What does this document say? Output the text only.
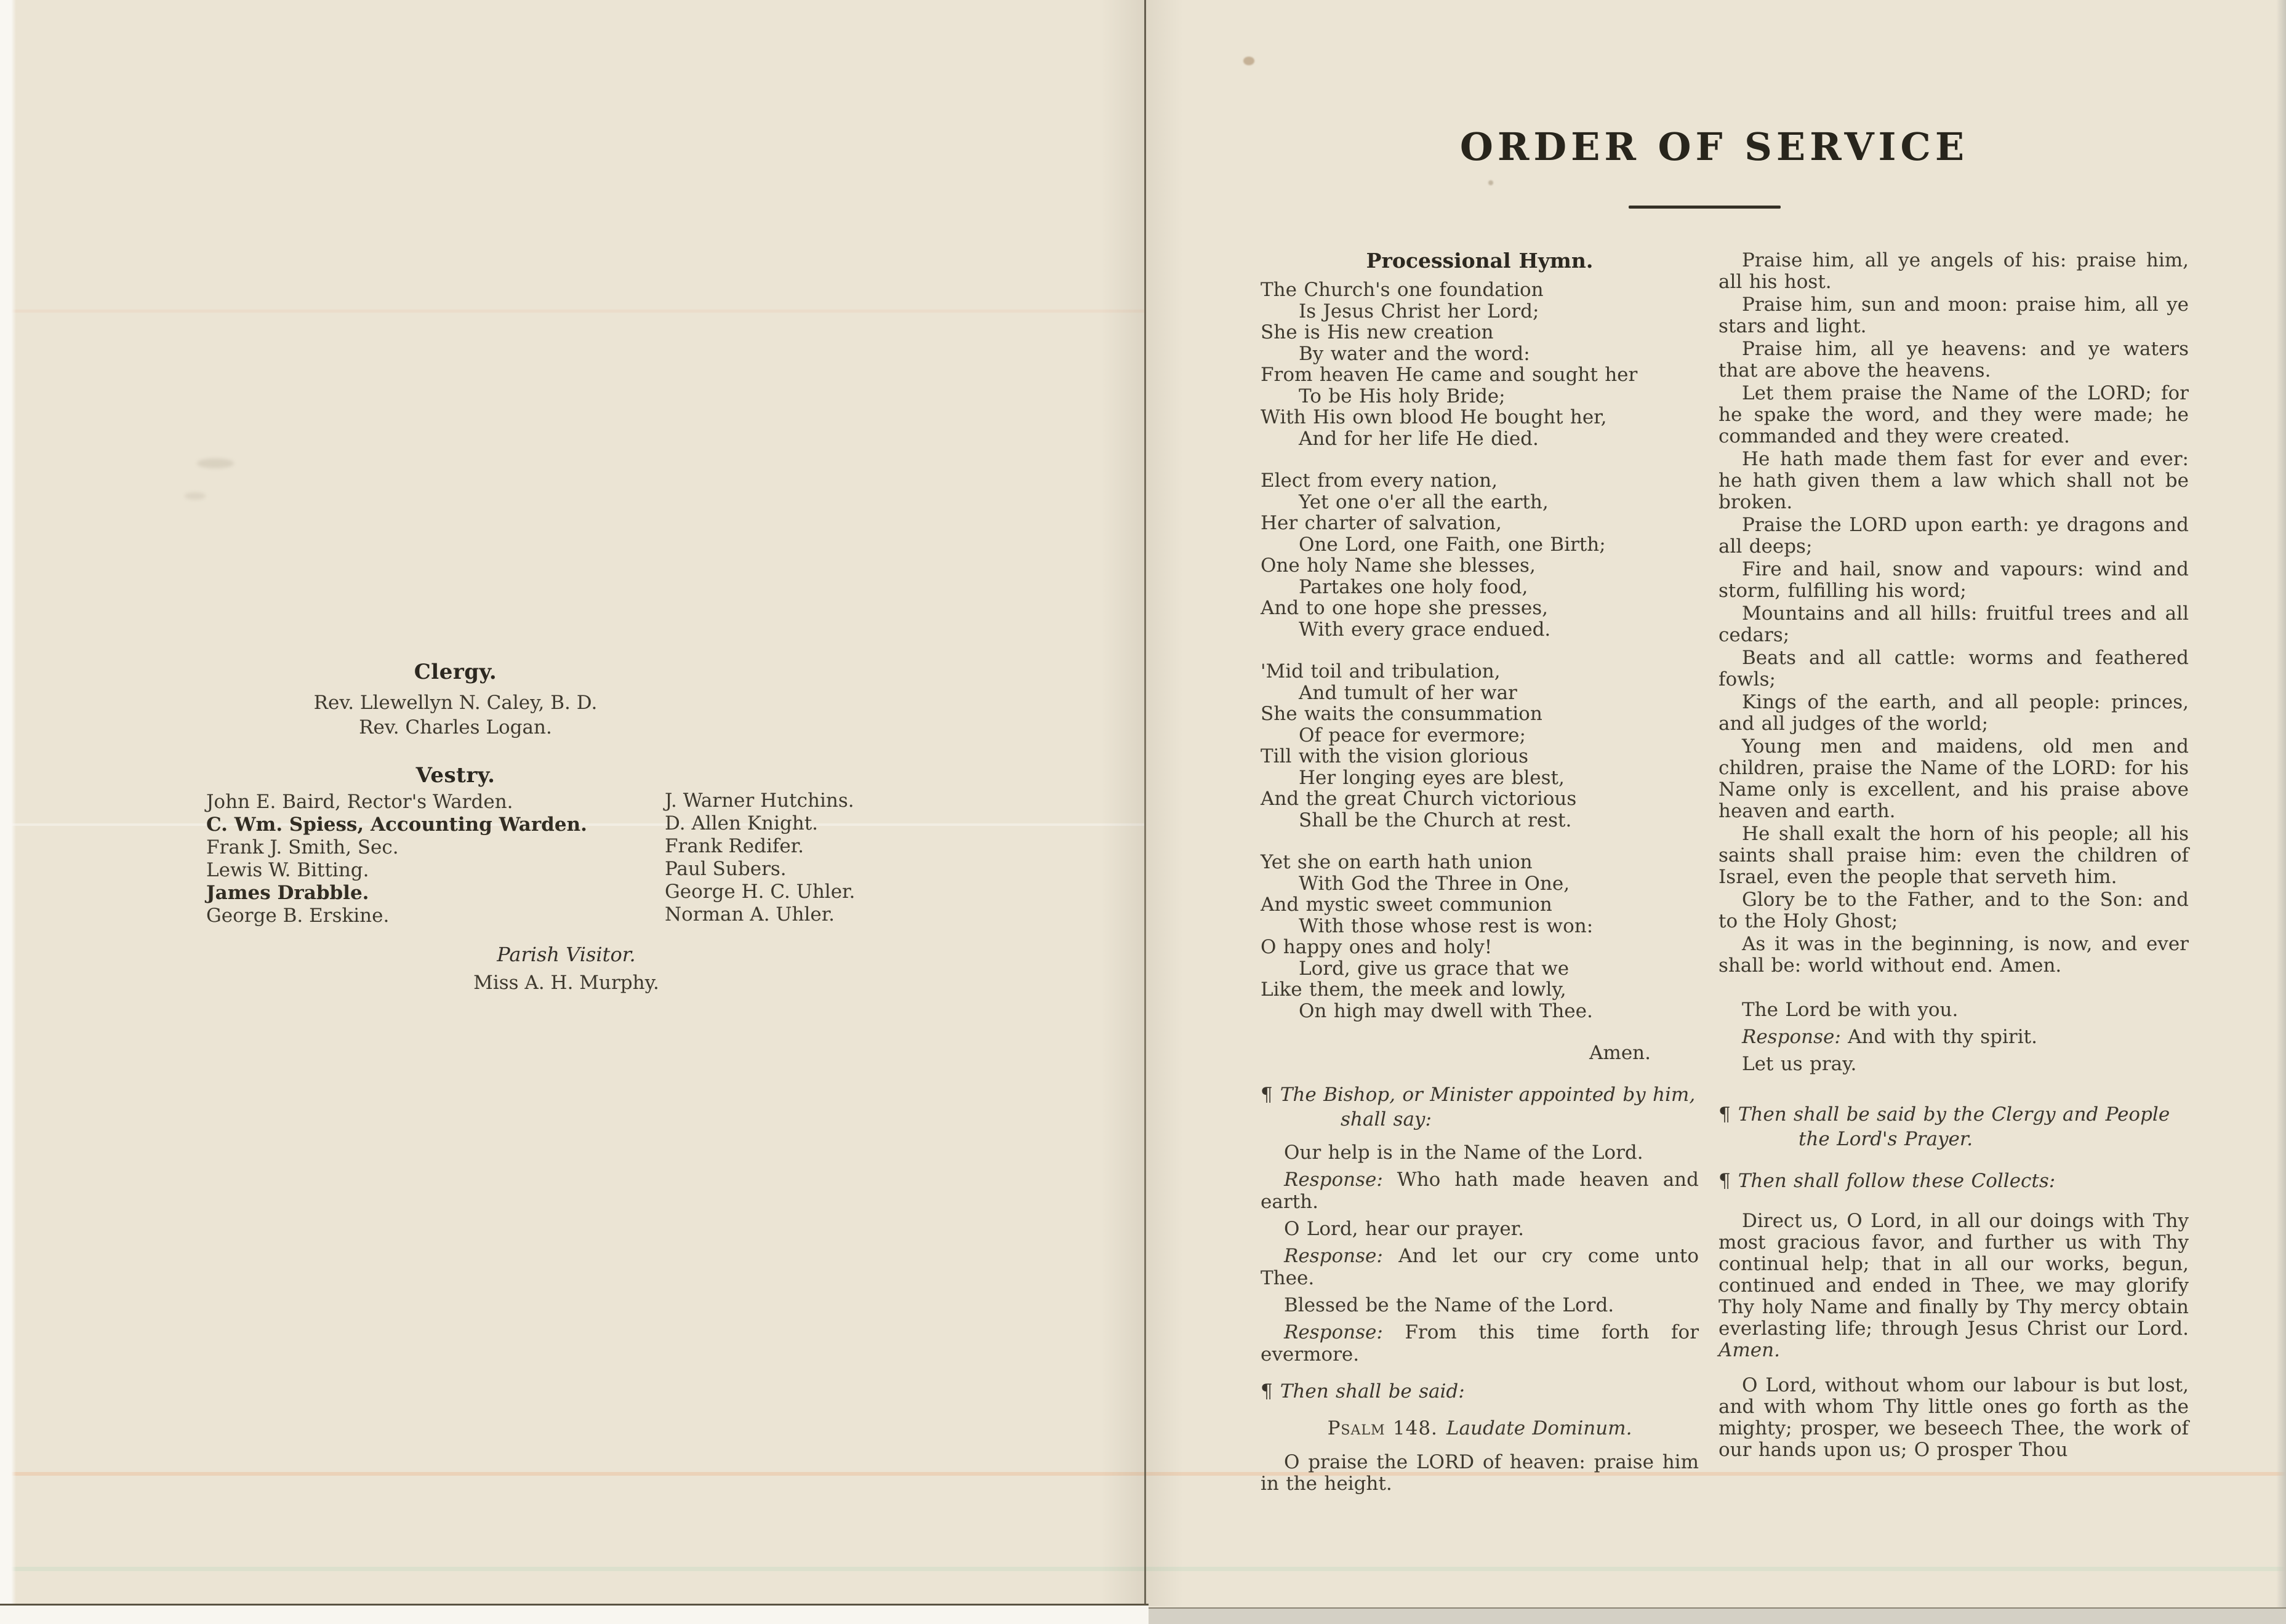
Clergy.
Rev. Llewellyn N. Caley, B. D.
Rev. Charles Logan.
Vestry.
John E. Baird, Rector's Warden.
C. Wm. Spiess, Accounting Warden.
Frank J. Smith, Sec.
Lewis W. Bitting.
James Drabble.
George B. Erskine.
J. Warner Hutchins.
D. Allen Knight.
Frank Redifer.
Paul Subers.
George H. C. Uhler.
Norman A. Uhler.
Parish Visitor.
Miss A. H. Murphy.
ORDER OF SERVICE
Processional Hymn.
The Church's one foundation
Is Jesus Christ her Lord;
She is His new creation
By water and the word:
From heaven He came and sought her
To be His holy Bride;
With His own blood He bought her,
And for her life He died.
Elect from every nation,
Yet one o'er all the earth,
Her charter of salvation,
One Lord, one Faith, one Birth;
One holy Name she blesses,
Partakes one holy food,
And to one hope she presses,
With every grace endued.
'Mid toil and tribulation,
And tumult of her war
She waits the consummation
Of peace for evermore;
Till with the vision glorious
Her longing eyes are blest,
And the great Church victorious
Shall be the Church at rest.
Yet she on earth hath union
With God the Three in One,
And mystic sweet communion
With those whose rest is won:
O happy ones and holy!
Lord, give us grace that we
Like them, the meek and lowly,
On high may dwell with Thee.
Amen.
¶ The Bishop, or Minister appointed by him,
shall say:

Our help is in the Name of the Lord.

Response: Who hath made heaven and earth.

O Lord, hear our prayer.

Response: And let our cry come unto Thee.

Blessed be the Name of the Lord.

Response: From this time forth for evermore.

¶ Then shall be said:
Psalm 148. Laudate Dominum.

O praise the LORD of heaven: praise him in the height.

Praise him, all ye angels of his: praise him, all his host.

Praise him, sun and moon: praise him, all ye stars and light.

Praise him, all ye heavens: and ye waters that are above the heavens.

Let them praise the Name of the LORD; for he spake the word, and they were made; he commanded and they were created.

He hath made them fast for ever and ever: he hath given them a law which shall not be broken.

Praise the LORD upon earth: ye dragons and all deeps;

Fire and hail, snow and vapours: wind and storm, fulfilling his word;

Mountains and all hills: fruitful trees and all cedars;

Beats and all cattle: worms and feathered fowls;

Kings of the earth, and all people: princes, and all judges of the world;

Young men and maidens, old men and children, praise the Name of the LORD: for his Name only is excellent, and his praise above heaven and earth.

He shall exalt the horn of his people; all his saints shall praise him: even the children of Israel, even the people that serveth him.

Glory be to the Father, and to the Son: and to the Holy Ghost;

As it was in the beginning, is now, and ever shall be: world without end. Amen.

The Lord be with you.

Response: And with thy spirit.

Let us pray.

¶ Then shall be said by the Clergy and People
the Lord's Prayer.
¶ Then shall follow these Collects:

Direct us, O Lord, in all our doings with Thy most gracious favor, and further us with Thy continual help; that in all our works, begun, continued and ended in Thee, we may glorify Thy holy Name and finally by Thy mercy obtain everlasting life; through Jesus Christ our Lord. Amen.

O Lord, without whom our labour is but lost, and with whom Thy little ones go forth as the mighty; prosper, we beseech Thee, the work of our hands upon us; O prosper Thou
